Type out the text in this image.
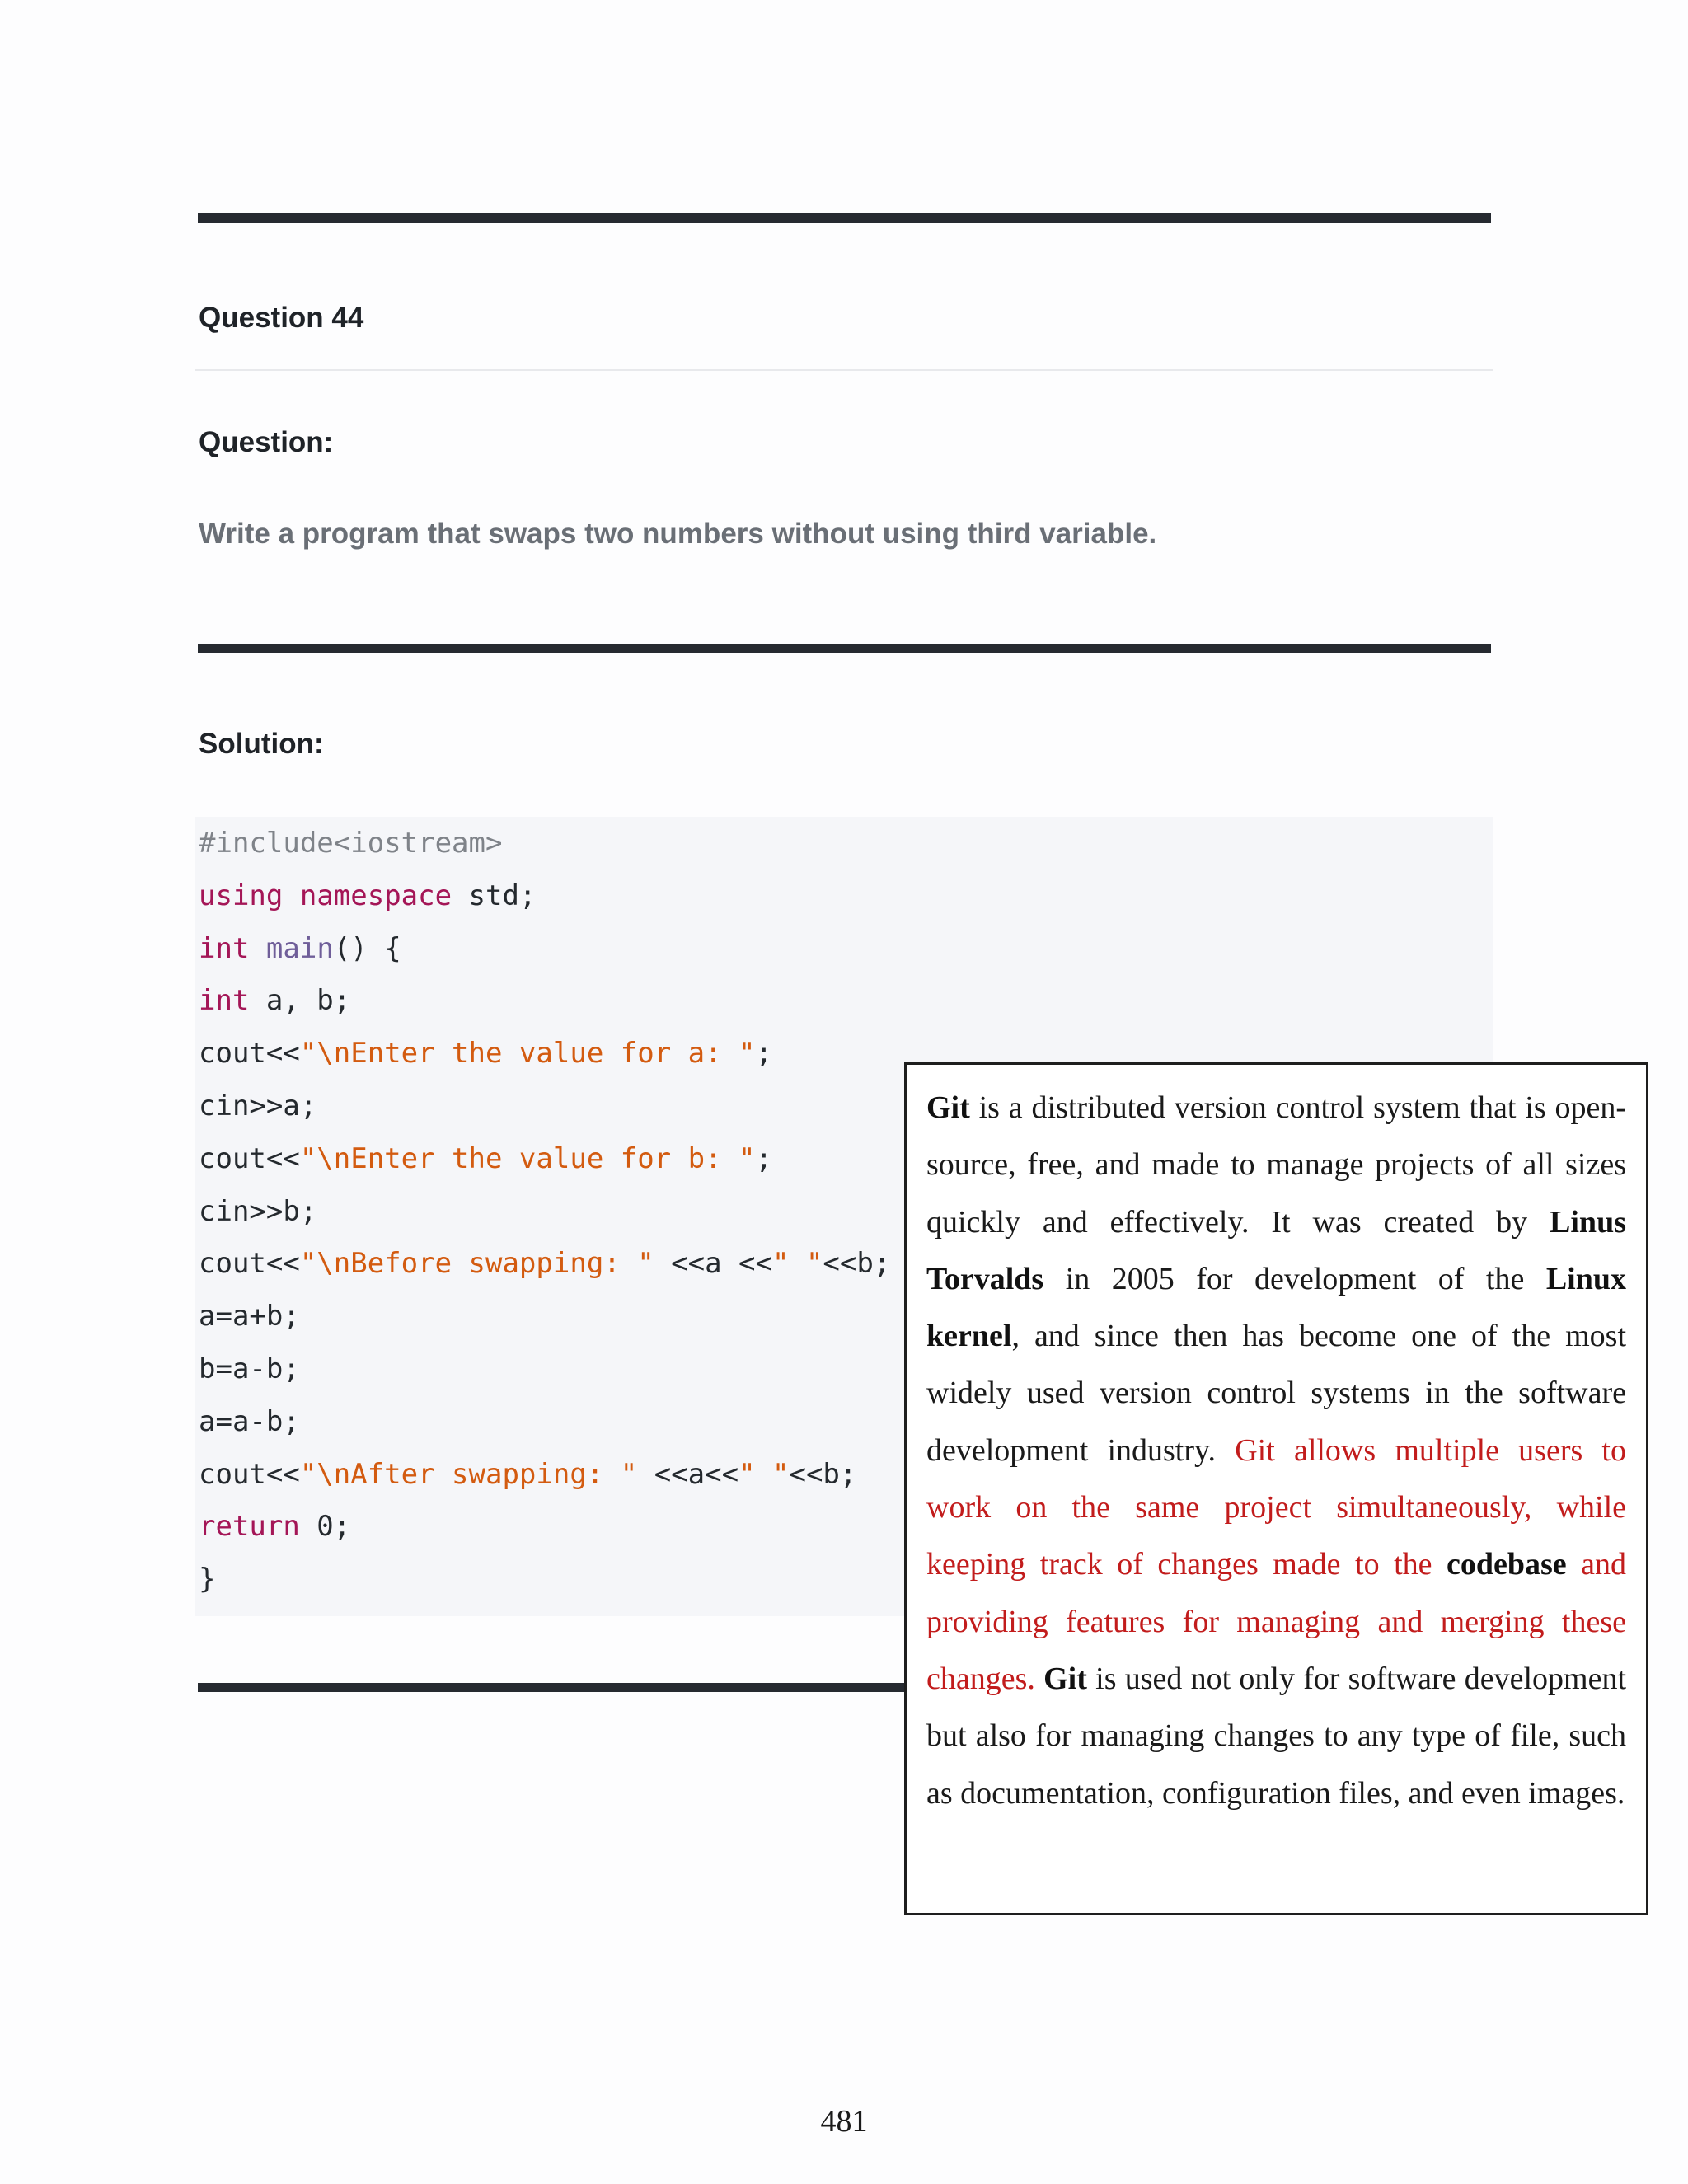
Question 44
Question:
Write a program that swaps two numbers without using third variable.
Solution:
#include<iostream>
using namespace std;
int main() {
int a, b;
cout<<"\nEnter the value for a: ";
cin>>a;
cout<<"\nEnter the value for b: ";
cin>>b;
cout<<"\nBefore swapping: " <<a <<" "<<b;
a=a+b;
b=a-b;
a=a-b;
cout<<"\nAfter swapping: " <<a<<" "<<b;
return 0;
}
Git is a distributed version control system that is open-source, free, and made to manage projects of all sizes quickly and effectively. It was created by Linus Torvalds in 2005 for development of the Linux kernel, and since then has become one of the most widely used version control systems in the software development industry. Git allows multiple users to work on the same project simultaneously, while keeping track of changes made to the codebase and providing features for managing and merging these changes. Git is used not only for software development but also for managing changes to any type of file, such as documentation, configuration files, and even images.
481
